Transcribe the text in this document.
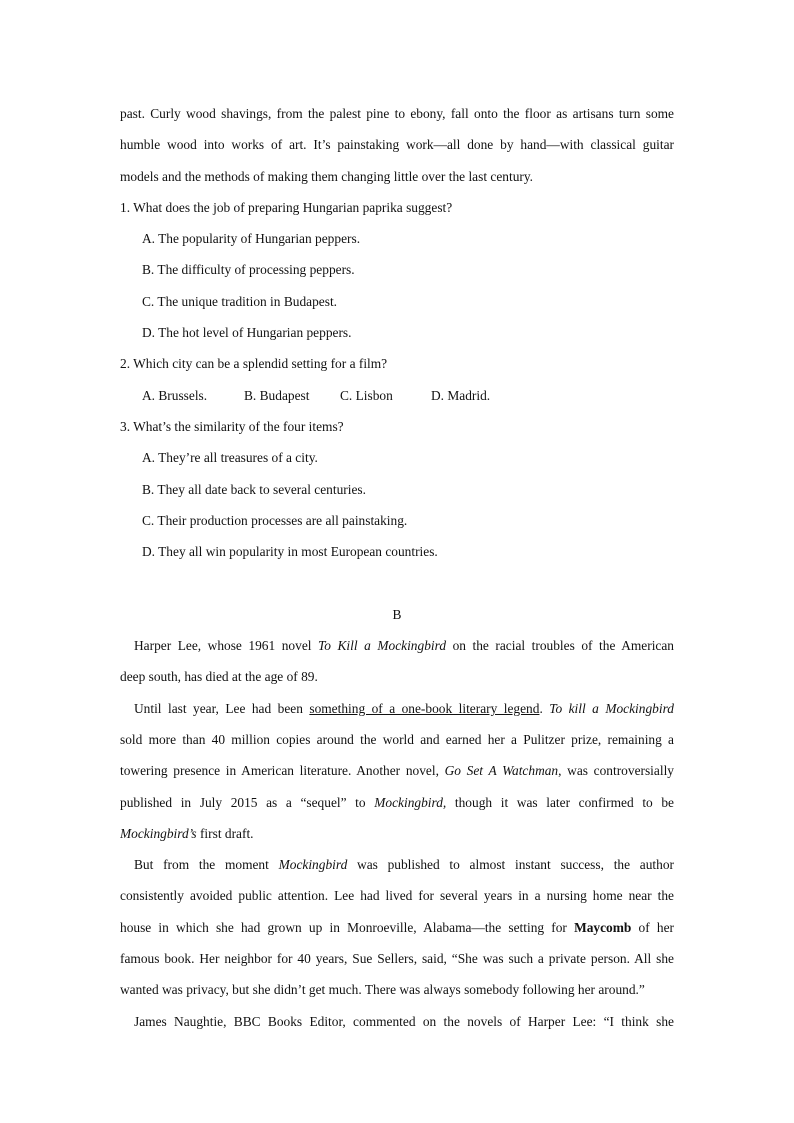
past. Curly wood shavings, from the palest pine to ebony, fall onto the floor as artisans turn some
humble wood into works of art. It’s painstaking work—all done by hand—with classical guitar
models and the methods of making them changing little over the last century.
1. What does the job of preparing Hungarian paprika suggest?
A. The popularity of Hungarian peppers.
B. The difficulty of processing peppers.
C. The unique tradition in Budapest.
D. The hot level of Hungarian peppers.
2. Which city can be a splendid setting for a film?
A. Brussels.	B. Budapest C. Lisbon	D. Madrid.
3. What’s the similarity of the four items?
A. They’re all treasures of a city.
B. They all date back to several centuries.
C. Their production processes are all painstaking.
D. They all win popularity in most European countries.
B
Harper Lee, whose 1961 novel To Kill a Mockingbird on the racial troubles of the American
deep south, has died at the age of 89.
Until last year, Lee had been something of a one-book literary legend. To kill a Mockingbird
sold more than 40 million copies around the world and earned her a Pulitzer prize, remaining a
towering presence in American literature. Another novel, Go Set A Watchman, was controversially
published in July 2015 as a “sequel” to Mockingbird, though it was later confirmed to be
Mockingbird’s first draft.
But from the moment Mockingbird was published to almost instant success, the author
consistently avoided public attention. Lee had lived for several years in a nursing home near the
house in which she had grown up in Monroeville, Alabama—the setting for Maycomb of her
famous book. Her neighbor for 40 years, Sue Sellers, said, “She was such a private person. All she
wanted was privacy, but she didn’t get much. There was always somebody following her around.”
James Naughtie, BBC Books Editor, commented on the novels of Harper Lee: “I think she
